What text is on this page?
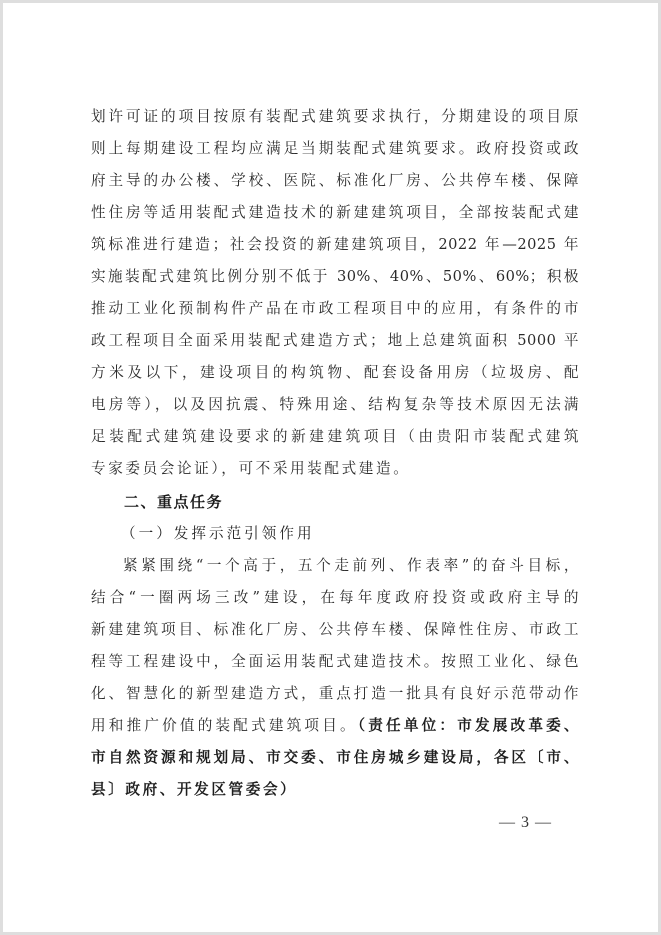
划许可证的项目按原有装配式建筑要求执行，分期建设的项目原
则上每期建设工程均应满足当期装配式建筑要求。政府投资或政
府主导的办公楼、学校、医院、标准化厂房、公共停车楼、保障
性住房等适用装配式建造技术的新建建筑项目，全部按装配式建
筑标准进行建造；社会投资的新建建筑项目，2022 年—2025 年
实施装配式建筑比例分别不低于 30%、40%、50%、60%；积极
推动工业化预制构件产品在市政工程项目中的应用，有条件的市
政工程项目全面采用装配式建造方式；地上总建筑面积 5000 平
方米及以下，建设项目的构筑物、配套设备用房（垃圾房、配
电房等），以及因抗震、特殊用途、结构复杂等技术原因无法满
足装配式建筑建设要求的新建建筑项目（由贵阳市装配式建筑
专家委员会论证），可不采用装配式建造。
二、重点任务
（一）发挥示范引领作用
紧紧围绕“一个高于，五个走前列、作表率”的奋斗目标，
结合“一圈两场三改”建设，在每年度政府投资或政府主导的
新建建筑项目、标准化厂房、公共停车楼、保障性住房、市政工
程等工程建设中，全面运用装配式建造技术。按照工业化、绿色
化、智慧化的新型建造方式，重点打造一批具有良好示范带动作
用和推广价值的装配式建筑项目。（责任单位：市发展改革委、
市自然资源和规划局、市交委、市住房城乡建设局，各区〔市、
县〕政府、开发区管委会）
— 3 —
